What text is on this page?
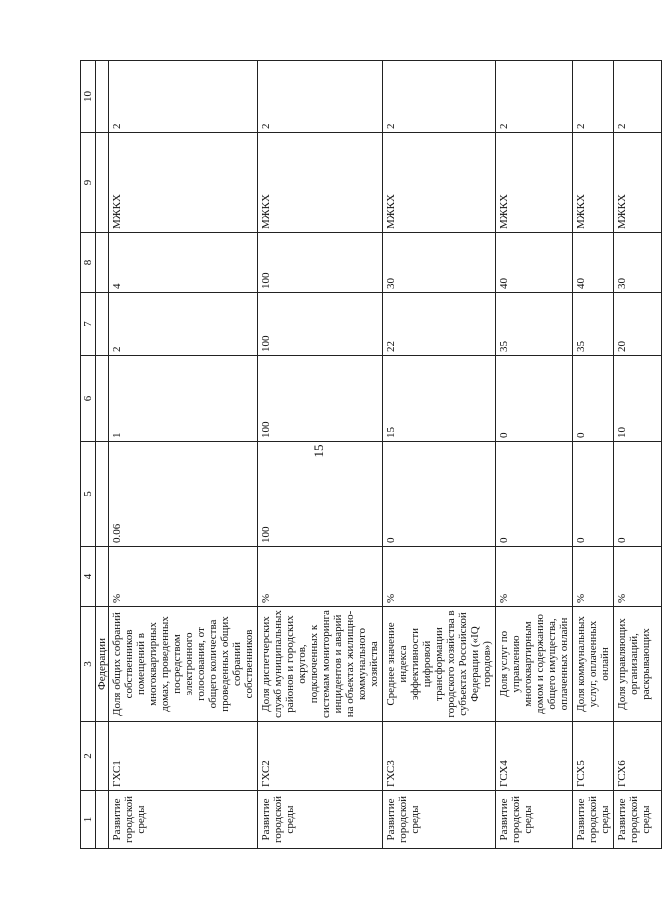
15
1	2	3	4	5	6	7	8	9	10
		Федерации							
Развитие городской среды	ГХС1	Доля общих собраний собственников помещений в многоквартирных домах, проведенных посредством электронного голосования, от общего количества проведенных общих собраний собственников	%	0.06	1	2	4	МЖКХ	2
Развитие городской среды	ГХС2	Доля диспетчерских служб муниципальных районов и городских округов, подключенных к системам мониторинга инцидентов и аварий на объектах жилищно-коммунального хозяйства	%	100	100	100	100	МЖКХ	2
Развитие городской среды	ГХС3	Среднее значение индекса эффективности цифровой трансформации городского хозяйства в субъектах Российской Федерации («IQ городов»)	%	0	15	22	30	МЖКХ	2
Развитие городской среды	ГСХ4	Доля услуг по управлению многоквартирным домом и содержанию общего имущества, оплаченных онлайн	%	0	0	35	40	МЖКХ	2
Развитие городской среды	ГСХ5	Доля коммунальных услуг, оплаченных онлайн	%	0	0	35	40	МЖКХ	2
Развитие городской среды	ГСХ6	Доля управляющих организаций, раскрывающих	%	0	10	20	30	МЖКХ	2
